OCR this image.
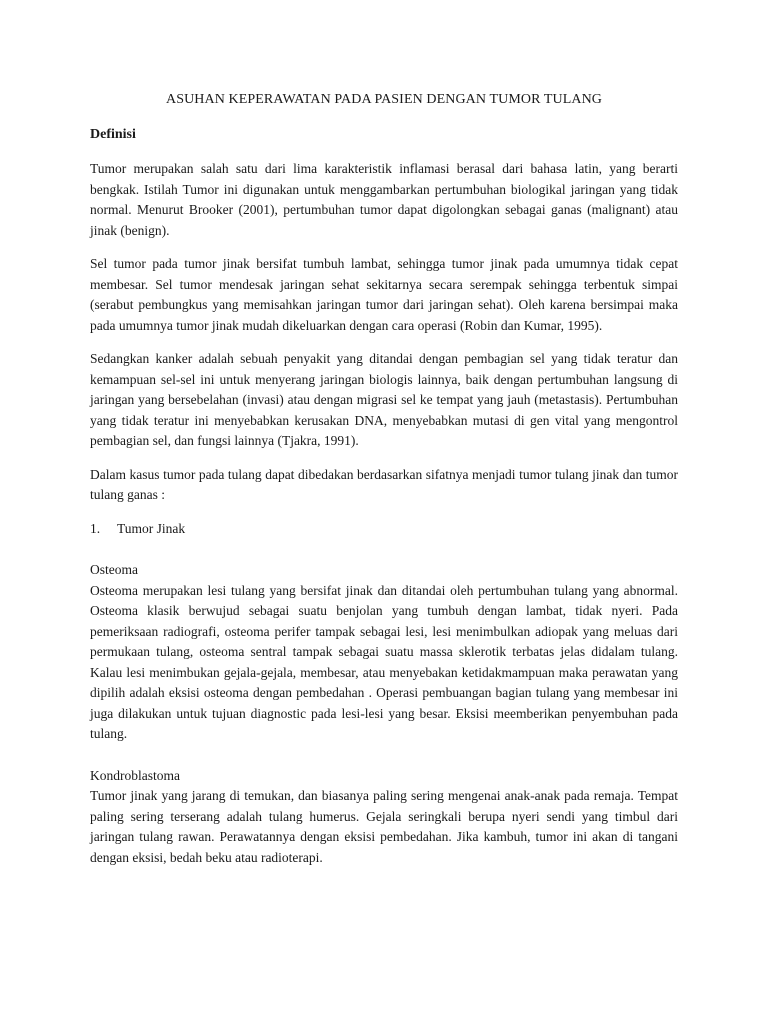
ASUHAN KEPERAWATAN PADA PASIEN DENGAN TUMOR TULANG
Definisi

Tumor merupakan salah satu dari lima karakteristik inflamasi berasal dari bahasa latin, yang berarti bengkak. Istilah Tumor ini digunakan untuk menggambarkan pertumbuhan biologikal jaringan yang tidak normal. Menurut Brooker (2001), pertumbuhan tumor dapat digolongkan sebagai ganas (malignant) atau jinak (benign).

Sel tumor pada tumor jinak bersifat tumbuh lambat, sehingga tumor jinak pada umumnya tidak cepat membesar. Sel tumor mendesak jaringan sehat sekitarnya secara serempak sehingga terbentuk simpai (serabut pembungkus yang memisahkan jaringan tumor dari jaringan sehat). Oleh karena bersimpai maka pada umumnya tumor jinak mudah dikeluarkan dengan cara operasi (Robin dan Kumar, 1995).

Sedangkan kanker adalah sebuah penyakit yang ditandai dengan pembagian sel yang tidak teratur dan kemampuan sel-sel ini untuk menyerang jaringan biologis lainnya, baik dengan pertumbuhan langsung di jaringan yang bersebelahan (invasi) atau dengan migrasi sel ke tempat yang jauh (metastasis). Pertumbuhan yang tidak teratur ini menyebabkan kerusakan DNA, menyebabkan mutasi di gen vital yang mengontrol pembagian sel, dan fungsi lainnya (Tjakra, 1991).

Dalam kasus tumor pada tulang dapat dibedakan berdasarkan sifatnya menjadi tumor tulang jinak dan tumor tulang ganas :

1.	Tumor Jinak
Osteoma

Osteoma merupakan lesi tulang yang bersifat jinak dan ditandai oleh pertumbuhan tulang yang abnormal. Osteoma klasik berwujud sebagai suatu benjolan yang tumbuh dengan lambat, tidak nyeri. Pada pemeriksaan radiografi, osteoma perifer tampak sebagai lesi, lesi menimbulkan adiopak yang meluas dari permukaan tulang, osteoma sentral tampak sebagai suatu massa sklerotik terbatas jelas didalam tulang. Kalau lesi menimbukan gejala-gejala, membesar, atau menyebakan ketidakmampuan maka perawatan yang dipilih adalah eksisi osteoma dengan pembedahan . Operasi pembuangan bagian tulang yang membesar ini juga dilakukan untuk tujuan diagnostic pada lesi-lesi yang besar. Eksisi meemberikan penyembuhan pada tulang.

Kondroblastoma

Tumor jinak yang jarang di temukan, dan biasanya paling sering mengenai anak-anak pada remaja. Tempat paling sering terserang adalah tulang humerus. Gejala seringkali berupa nyeri sendi yang timbul dari jaringan tulang rawan. Perawatannya dengan eksisi pembedahan. Jika kambuh, tumor ini akan di tangani dengan eksisi, bedah beku atau radioterapi.
